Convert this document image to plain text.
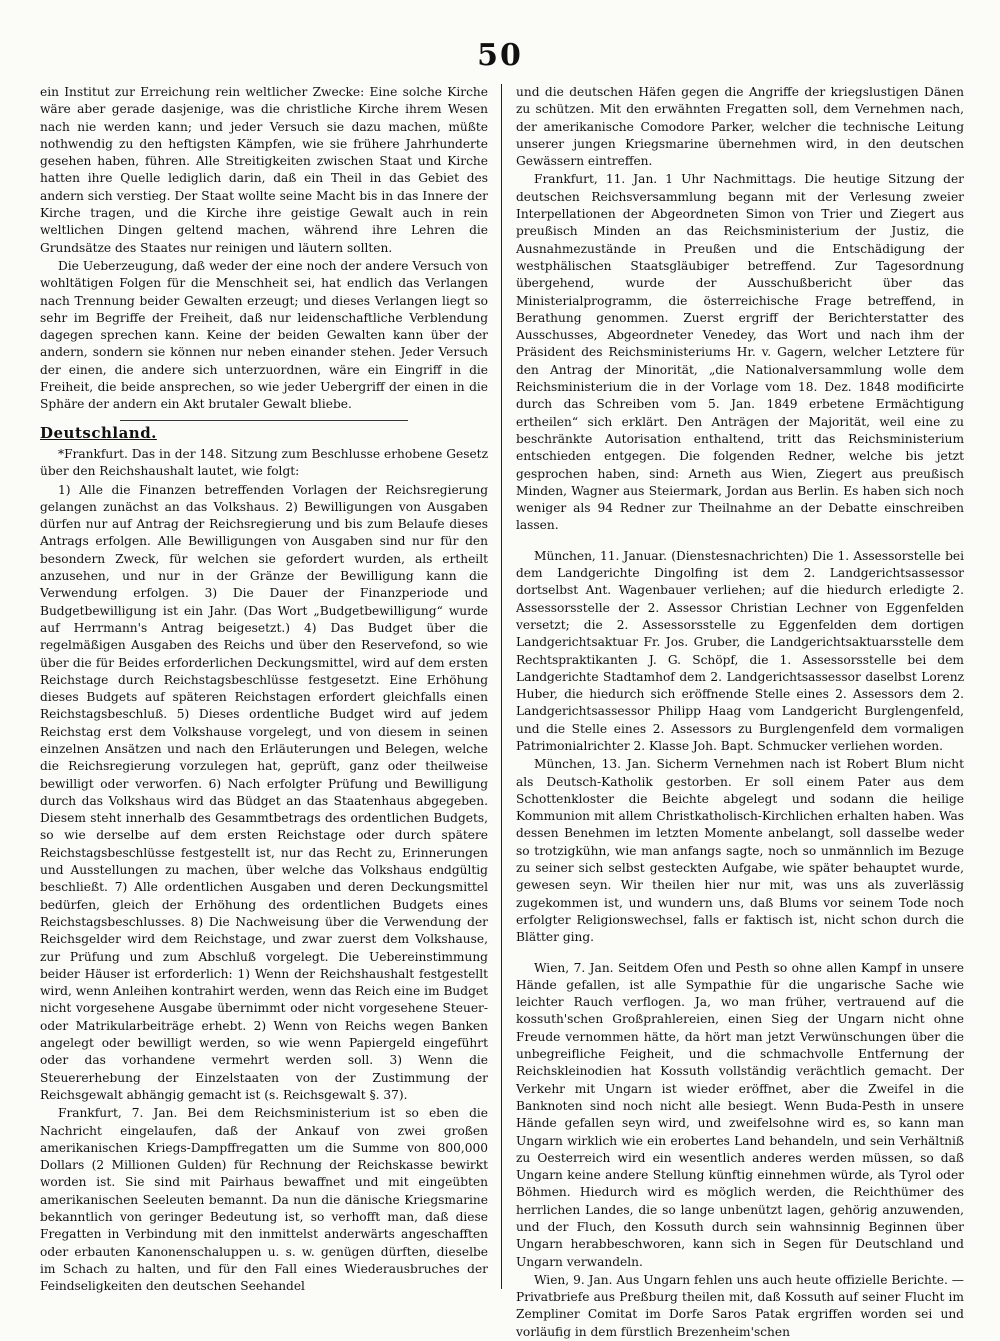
50

ein Institut zur Erreichung rein weltlicher Zwecke: Eine solche Kirche wäre aber gerade dasjenige, was die christliche Kirche ihrem Wesen nach nie werden kann; und jeder Versuch sie dazu machen, müßte nothwendig zu den heftigsten Kämpfen, wie sie frühere Jahrhunderte gesehen haben, führen. Alle Streitigkeiten zwischen Staat und Kirche hatten ihre Quelle lediglich darin, daß ein Theil in das Gebiet des andern sich verstieg. Der Staat wollte seine Macht bis in das Innere der Kirche tragen, und die Kirche ihre geistige Gewalt auch in rein weltlichen Dingen geltend machen, während ihre Lehren die Grundsätze des Staates nur reinigen und läutern sollten.

Die Ueberzeugung, daß weder der eine noch der andere Versuch von wohltätigen Folgen für die Menschheit sei, hat endlich das Verlangen nach Trennung beider Gewalten erzeugt; und dieses Verlangen liegt so sehr im Begriffe der Freiheit, daß nur leidenschaftliche Verblendung dagegen sprechen kann. Keine der beiden Gewalten kann über der andern, sondern sie können nur neben einander stehen. Jeder Versuch der einen, die andere sich unterzuordnen, wäre ein Eingriff in die Freiheit, die beide ansprechen, so wie jeder Uebergriff der einen in die Sphäre der andern ein Akt brutaler Gewalt bliebe.

Deutschland.

*Frankfurt. Das in der 148. Sitzung zum Beschlusse erhobene Gesetz über den Reichshaushalt lautet, wie folgt:

1) Alle die Finanzen betreffenden Vorlagen der Reichsregierung gelangen zunächst an das Volkshaus. 2) Bewilligungen von Ausgaben dürfen nur auf Antrag der Reichsregierung und bis zum Belaufe dieses Antrags erfolgen. Alle Bewilligungen von Ausgaben sind nur für den besondern Zweck, für welchen sie gefordert wurden, als ertheilt anzusehen, und nur in der Gränze der Bewilligung kann die Verwendung erfolgen. 3) Die Dauer der Finanzperiode und Budgetbewilligung ist ein Jahr. (Das Wort „Budgetbewilligung“ wurde auf Herrmann's Antrag beigesetzt.) 4) Das Budget über die regelmäßigen Ausgaben des Reichs und über den Reservefond, so wie über die für Beides erforderlichen Deckungsmittel, wird auf dem ersten Reichstage durch Reichstagsbeschlüsse festgesetzt. Eine Erhöhung dieses Budgets auf späteren Reichstagen erfordert gleichfalls einen Reichstagsbeschluß. 5) Dieses ordentliche Budget wird auf jedem Reichstag erst dem Volkshause vorgelegt, und von diesem in seinen einzelnen Ansätzen und nach den Erläuterungen und Belegen, welche die Reichsregierung vorzulegen hat, geprüft, ganz oder theilweise bewilligt oder verworfen. 6) Nach erfolgter Prüfung und Bewilligung durch das Volkshaus wird das Büdget an das Staatenhaus abgegeben. Diesem steht innerhalb des Gesammtbetrags des ordentlichen Budgets, so wie derselbe auf dem ersten Reichstage oder durch spätere Reichstagsbeschlüsse festgestellt ist, nur das Recht zu, Erinnerungen und Ausstellungen zu machen, über welche das Volkshaus endgültig beschließt. 7) Alle ordentlichen Ausgaben und deren Deckungsmittel bedürfen, gleich der Erhöhung des ordentlichen Budgets eines Reichstagsbeschlusses. 8) Die Nachweisung über die Verwendung der Reichsgelder wird dem Reichstage, und zwar zuerst dem Volkshause, zur Prüfung und zum Abschluß vorgelegt. Die Uebereinstimmung beider Häuser ist erforderlich: 1) Wenn der Reichshaushalt festgestellt wird, wenn Anleihen kontrahirt werden, wenn das Reich eine im Budget nicht vorgesehene Ausgabe übernimmt oder nicht vorgesehene Steuer- oder Matrikularbeiträge erhebt. 2) Wenn von Reichs wegen Banken angelegt oder bewilligt werden, so wie wenn Papiergeld eingeführt oder das vorhandene vermehrt werden soll. 3) Wenn die Steuererhebung der Einzelstaaten von der Zustimmung der Reichsgewalt abhängig gemacht ist (s. Reichsgewalt §. 37).

Frankfurt, 7. Jan. Bei dem Reichsministerium ist so eben die Nachricht eingelaufen, daß der Ankauf von zwei großen amerikanischen Kriegs-Dampffregatten um die Summe von 800,000 Dollars (2 Millionen Gulden) für Rechnung der Reichskasse bewirkt worden ist. Sie sind mit Pairhaus bewaffnet und mit eingeübten amerikanischen Seeleuten bemannt. Da nun die dänische Kriegsmarine bekanntlich von geringer Bedeutung ist, so verhofft man, daß diese Fregatten in Verbindung mit den inmittelst anderwärts angeschafften oder erbauten Kanonenschaluppen u. s. w. genügen dürften, dieselbe im Schach zu halten, und für den Fall eines Wiederausbruches der Feindseligkeiten den deutschen Seehandel

und die deutschen Häfen gegen die Angriffe der kriegslustigen Dänen zu schützen. Mit den erwähnten Fregatten soll, dem Vernehmen nach, der amerikanische Comodore Parker, welcher die technische Leitung unserer jungen Kriegsmarine übernehmen wird, in den deutschen Gewässern eintreffen.

Frankfurt, 11. Jan. 1 Uhr Nachmittags. Die heutige Sitzung der deutschen Reichsversammlung begann mit der Verlesung zweier Interpellationen der Abgeordneten Simon von Trier und Ziegert aus preußisch Minden an das Reichsministerium der Justiz, die Ausnahmezustände in Preußen und die Entschädigung der westphälischen Staatsgläubiger betreffend. Zur Tagesordnung übergehend, wurde der Ausschußbericht über das Ministerialprogramm, die österreichische Frage betreffend, in Berathung genommen. Zuerst ergriff der Berichterstatter des Ausschusses, Abgeordneter Venedey, das Wort und nach ihm der Präsident des Reichsministeriums Hr. v. Gagern, welcher Letztere für den Antrag der Minorität, „die Nationalversammlung wolle dem Reichsministerium die in der Vorlage vom 18. Dez. 1848 modificirte durch das Schreiben vom 5. Jan. 1849 erbetene Ermächtigung ertheilen“ sich erklärt. Den Anträgen der Majorität, weil eine zu beschränkte Autorisation enthaltend, tritt das Reichsministerium entschieden entgegen. Die folgenden Redner, welche bis jetzt gesprochen haben, sind: Arneth aus Wien, Ziegert aus preußisch Minden, Wagner aus Steiermark, Jordan aus Berlin. Es haben sich noch weniger als 94 Redner zur Theilnahme an der Debatte einschreiben lassen.

München, 11. Januar. (Dienstesnachrichten) Die 1. Assessorstelle bei dem Landgerichte Dingolfing ist dem 2. Landgerichtsassessor dortselbst Ant. Wagenbauer verliehen; auf die hiedurch erledigte 2. Assessorsstelle der 2. Assessor Christian Lechner von Eggenfelden versetzt; die 2. Assessorsstelle zu Eggenfelden dem dortigen Landgerichtsaktuar Fr. Jos. Gruber, die Landgerichtsaktuarsstelle dem Rechtspraktikanten J. G. Schöpf, die 1. Assessorsstelle bei dem Landgerichte Stadtamhof dem 2. Landgerichtsassessor daselbst Lorenz Huber, die hiedurch sich eröffnende Stelle eines 2. Assessors dem 2. Landgerichtsassessor Philipp Haag vom Landgericht Burglengenfeld, und die Stelle eines 2. Assessors zu Burglengenfeld dem vormaligen Patrimonialrichter 2. Klasse Joh. Bapt. Schmucker verliehen worden.

München, 13. Jan. Sicherm Vernehmen nach ist Robert Blum nicht als Deutsch-Katholik gestorben. Er soll einem Pater aus dem Schottenkloster die Beichte abgelegt und sodann die heilige Kommunion mit allem Christkatholisch-Kirchlichen erhalten haben. Was dessen Benehmen im letzten Momente anbelangt, soll dasselbe weder so trotzigkühn, wie man anfangs sagte, noch so unmännlich im Bezuge zu seiner sich selbst gesteckten Aufgabe, wie später behauptet wurde, gewesen seyn. Wir theilen hier nur mit, was uns als zuverlässig zugekommen ist, und wundern uns, daß Blums vor seinem Tode noch erfolgter Religionswechsel, falls er faktisch ist, nicht schon durch die Blätter ging.

Wien, 7. Jan. Seitdem Ofen und Pesth so ohne allen Kampf in unsere Hände gefallen, ist alle Sympathie für die ungarische Sache wie leichter Rauch verflogen. Ja, wo man früher, vertrauend auf die kossuth'schen Großprahlereien, einen Sieg der Ungarn nicht ohne Freude vernommen hätte, da hört man jetzt Verwünschungen über die unbegreifliche Feigheit, und die schmachvolle Entfernung der Reichskleinodien hat Kossuth vollständig verächtlich gemacht. Der Verkehr mit Ungarn ist wieder eröffnet, aber die Zweifel in die Banknoten sind noch nicht alle besiegt. Wenn Buda-Pesth in unsere Hände gefallen seyn wird, und zweifelsohne wird es, so kann man Ungarn wirklich wie ein erobertes Land behandeln, und sein Verhältniß zu Oesterreich wird ein wesentlich anderes werden müssen, so daß Ungarn keine andere Stellung künftig einnehmen würde, als Tyrol oder Böhmen. Hiedurch wird es möglich werden, die Reichthümer des herrlichen Landes, die so lange unbenützt lagen, gehörig anzuwenden, und der Fluch, den Kossuth durch sein wahnsinnig Beginnen über Ungarn herabbeschworen, kann sich in Segen für Deutschland und Ungarn verwandeln.

Wien, 9. Jan. Aus Ungarn fehlen uns auch heute offizielle Berichte. — Privatbriefe aus Preßburg theilen mit, daß Kossuth auf seiner Flucht im Zempliner Comitat im Dorfe Saros Patak ergriffen worden sei und vorläufig in dem fürstlich Brezenheim'schen
